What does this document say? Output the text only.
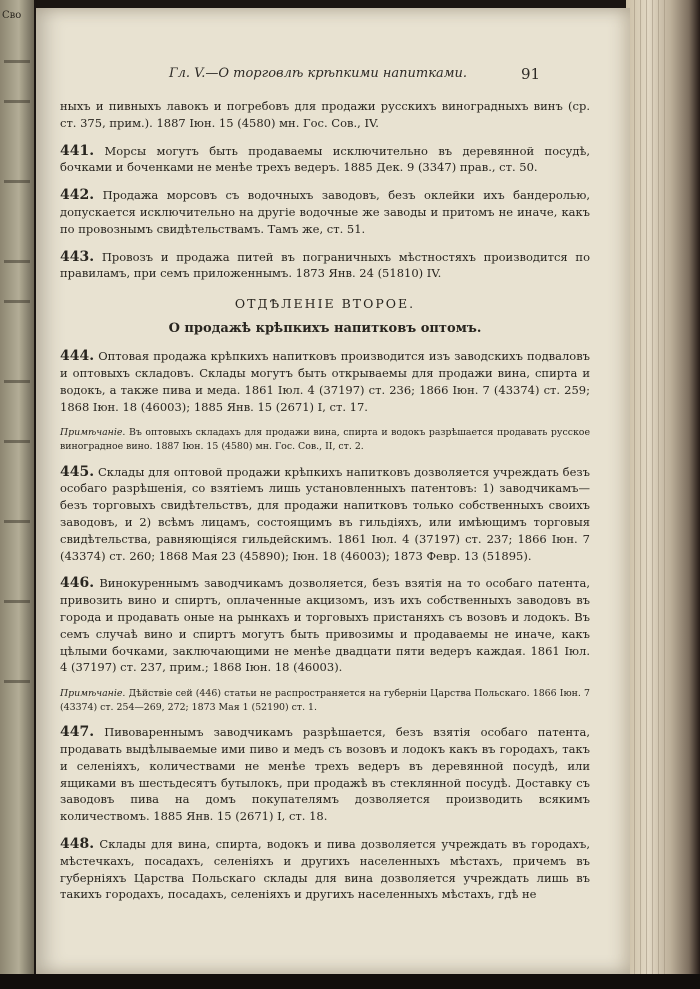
Сво
Гл. V.—О торговлѣ крѣпкими напитками.	91
ныхъ и пивныхъ лавокъ и погребовъ для продажи русскихъ виноградныхъ винъ (ср. ст. 375, прим.). 1887 Іюн. 15 (4580) мн. Гос. Сов., IV.
441. Морсы могутъ быть продаваемы исключительно въ деревянной посудѣ, бочками и боченками не менѣе трехъ ведеръ. 1885 Дек. 9 (3347) прав., ст. 50.
442. Продажа морсовъ съ водочныхъ заводовъ, безъ оклейки ихъ бандеролью, допускается исключительно на другіе водочные же заводы и притомъ не иначе, какъ по провознымъ свидѣтельствамъ. Тамъ же, ст. 51.
443. Провозъ и продажа питей въ пограничныхъ мѣстностяхъ производится по правиламъ, при семъ приложеннымъ. 1873 Янв. 24 (51810) IV.
ОТДѢЛЕНІЕ ВТОРОЕ.
О продажѣ крѣпкихъ напитковъ оптомъ.
444. Оптовая продажа крѣпкихъ напитковъ производится изъ заводскихъ подваловъ и оптовыхъ складовъ. Склады могутъ быть открываемы для продажи вина, спирта и водокъ, а также пива и меда. 1861 Іюл. 4 (37197) ст. 236; 1866 Іюн. 7 (43374) ст. 259; 1868 Іюн. 18 (46003); 1885 Янв. 15 (2671) І, ст. 17.
Примѣчаніе. Въ оптовыхъ складахъ для продажи вина, спирта и водокъ разрѣшается продавать русское виноградное вино. 1887 Іюн. 15 (4580) мн. Гос. Сов., II, ст. 2.
445. Склады для оптовой продажи крѣпкихъ напитковъ дозволяется учреждать безъ особаго разрѣшенія, со взятіемъ лишь установленныхъ патентовъ: 1) заводчикамъ—безъ торговыхъ свидѣтельствъ, для продажи напитковъ только собственныхъ своихъ заводовъ, и 2) всѣмъ лицамъ, состоящимъ въ гильдіяхъ, или имѣющимъ торговыя свидѣтельства, равняющіяся гильдейскимъ. 1861 Іюл. 4 (37197) ст. 237; 1866 Іюн. 7 (43374) ст. 260; 1868 Мая 23 (45890); Іюн. 18 (46003); 1873 Февр. 13 (51895).
446. Винокуреннымъ заводчикамъ дозволяется, безъ взятія на то особаго патента, привозить вино и спиртъ, оплаченные акцизомъ, изъ ихъ собственныхъ заводовъ въ города и продавать оные на рынкахъ и торговыхъ пристаняхъ съ возовъ и лодокъ. Въ семъ случаѣ вино и спиртъ могутъ быть привозимы и продаваемы не иначе, какъ цѣлыми бочками, заключающими не менѣе двадцати пяти ведеръ каждая. 1861 Іюл. 4 (37197) ст. 237, прим.; 1868 Іюн. 18 (46003).
Примѣчаніе. Дѣйствіе сей (446) статьи не распространяется на губерніи Царства Польскаго. 1866 Іюн. 7 (43374) ст. 254—269, 272; 1873 Мая 1 (52190) ст. 1.
447. Пивовареннымъ заводчикамъ разрѣшается, безъ взятія особаго патента, продавать выдѣлываемые ими пиво и медъ съ возовъ и лодокъ какъ въ городахъ, такъ и селеніяхъ, количествами не менѣе трехъ ведеръ въ деревянной посудѣ, или ящиками въ шестьдесятъ бутылокъ, при продажѣ въ стеклянной посудѣ. Доставку съ заводовъ пива на домъ покупателямъ дозволяется производить всякимъ количествомъ. 1885 Янв. 15 (2671) І, ст. 18.
448. Склады для вина, спирта, водокъ и пива дозволяется учреждать въ городахъ, мѣстечкахъ, посадахъ, селеніяхъ и другихъ населенныхъ мѣстахъ, причемъ въ губерніяхъ Царства Польскаго склады для вина дозволяется учреждать лишь въ такихъ городахъ, посадахъ, селеніяхъ и другихъ населенныхъ мѣстахъ, гдѣ не
